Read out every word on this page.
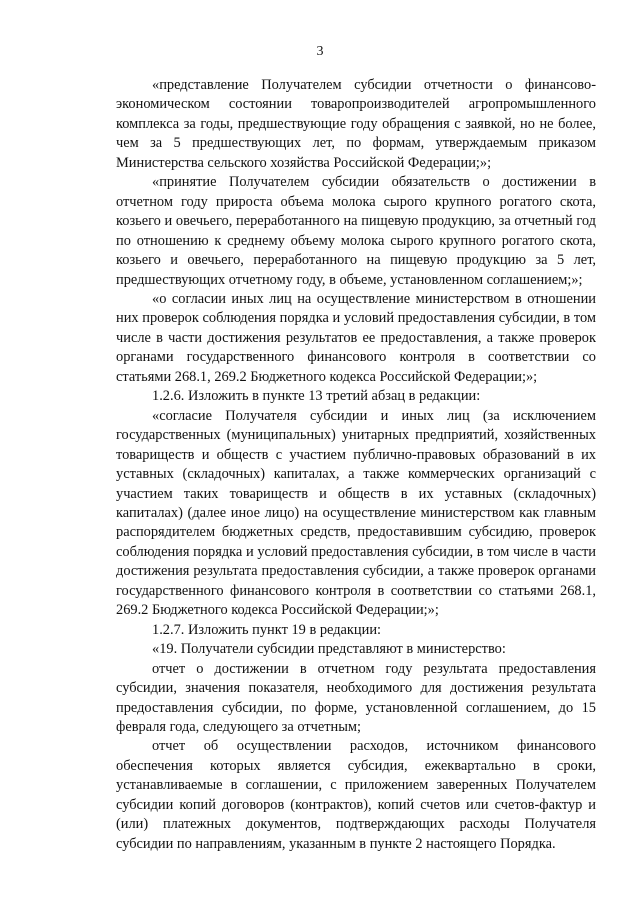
3

«представление Получателем субсидии отчетности о финансово-экономическом состоянии товаропроизводителей агропромышленного комплекса за годы, предшествующие году обращения с заявкой, но не более, чем за 5 предшествующих лет, по формам, утверждаемым приказом Министерства сельского хозяйства Российской Федерации;»;

«принятие Получателем субсидии обязательств о достижении в отчетном году прироста объема молока сырого крупного рогатого скота, козьего и овечьего, переработанного на пищевую продукцию, за отчетный год по отношению к среднему объему молока сырого крупного рогатого скота, козьего и овечьего, переработанного на пищевую продукцию за 5 лет, предшествующих отчетному году, в объеме, установленном соглашением;»;

«о согласии иных лиц на осуществление министерством в отношении них проверок соблюдения порядка и условий предоставления субсидии, в том числе в части достижения результатов ее предоставления, а также проверок органами государственного финансового контроля в соответствии со статьями 268.1, 269.2 Бюджетного кодекса Российской Федерации;»;

1.2.6. Изложить в пункте 13 третий абзац в редакции:

«согласие Получателя субсидии и иных лиц (за исключением государственных (муниципальных) унитарных предприятий, хозяйственных товариществ и обществ с участием публично-правовых образований в их уставных (складочных) капиталах, а также коммерческих организаций с участием таких товариществ и обществ в их уставных (складочных) капиталах) (далее иное лицо) на осуществление министерством как главным распорядителем бюджетных средств, предоставившим субсидию, проверок соблюдения порядка и условий предоставления субсидии, в том числе в части достижения результата предоставления субсидии, а также проверок органами государственного финансового контроля в соответствии со статьями 268.1, 269.2 Бюджетного кодекса Российской Федерации;»;

1.2.7. Изложить пункт 19 в редакции:

«19. Получатели субсидии представляют в министерство:

отчет о достижении в отчетном году результата предоставления субсидии, значения показателя, необходимого для достижения результата предоставления субсидии, по форме, установленной соглашением, до 15 февраля года, следующего за отчетным;

отчет об осуществлении расходов, источником финансового обеспечения которых является субсидия, ежеквартально в сроки, устанавливаемые в соглашении, с приложением заверенных Получателем субсидии копий договоров (контрактов), копий счетов или счетов-фактур и (или) платежных документов, подтверждающих расходы Получателя субсидии по направлениям, указанным в пункте 2 настоящего Порядка.
